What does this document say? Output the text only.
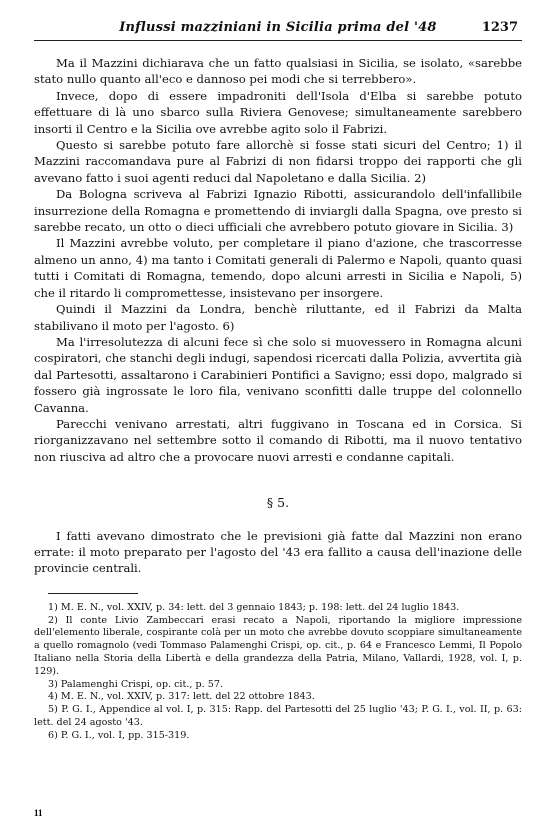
Influssi mazziniani in Sicilia prima del '48	1237

Ma il Mazzini dichiarava che un fatto qualsiasi in Sicilia, se isolato, «sarebbe stato nullo quanto all'eco e dannoso pei modi che si terrebbero».

Invece, dopo di essere impadroniti dell'Isola d'Elba si sarebbe potuto effettuare di là uno sbarco sulla Riviera Genovese; simultaneamente sarebbero insorti il Centro e la Sicilia ove avrebbe agito solo il Fabrizi.

Questo si sarebbe potuto fare allorchè si fosse stati sicuri del Centro; 1) il Mazzini raccomandava pure al Fabrizi di non fidarsi troppo dei rapporti che gli avevano fatto i suoi agenti reduci dal Napoletano e dalla Sicilia. 2)

Da Bologna scriveva al Fabrizi Ignazio Ribotti, assicurandolo dell'infallibile insurrezione della Romagna e promettendo di inviargli dalla Spagna, ove presto si sarebbe recato, un otto o dieci ufficiali che avrebbero potuto giovare in Sicilia. 3)

Il Mazzini avrebbe voluto, per completare il piano d'azione, che trascorresse almeno un anno, 4) ma tanto i Comitati generali di Palermo e Napoli, quanto quasi tutti i Comitati di Romagna, temendo, dopo alcuni arresti in Sicilia e Napoli, 5) che il ritardo li compromettesse, insistevano per insorgere.

Quindi il Mazzini da Londra, benchè riluttante, ed il Fabrizi da Malta stabilivano il moto per l'agosto. 6)

Ma l'irresolutezza di alcuni fece sì che solo si muovessero in Romagna alcuni cospiratori, che stanchi degli indugi, sapendosi ricercati dalla Polizia, avvertita già dal Partesotti, assaltarono i Carabinieri Pontifici a Savigno; essi dopo, malgrado si fossero già ingrossate le loro fila, venivano sconfitti dalle truppe del colonnello Cavanna.

Parecchi venivano arrestati, altri fuggivano in Toscana ed in Corsica. Si riorganizzavano nel settembre sotto il comando di Ribotti, ma il nuovo tentativo non riusciva ad altro che a provocare nuovi arresti e condanne capitali.

§ 5.

I fatti avevano dimostrato che le previsioni già fatte dal Mazzini non erano errate: il moto preparato per l'agosto del '43 era fallito a causa dell'inazione delle provincie centrali.

1) M. E. N., vol. XXIV, p. 34: lett. del 3 gennaio 1843; p. 198: lett. del 24 luglio 1843.

2) Il conte Livio Zambeccari erasi recato a Napoli, riportando la migliore impressione dell'elemento liberale, cospirante colà per un moto che avrebbe dovuto scoppiare simultaneamente a quello romagnolo (vedi Tommaso Palamenghi Crispi, op. cit., p. 64 e Francesco Lemmi, Il Popolo Italiano nella Storia della Libertà e della grandezza della Patria, Milano, Vallardi, 1928, vol. I, p. 129).

3) Palamenghi Crispi, op. cit., p. 57.

4) M. E. N., vol. XXIV, p. 317: lett. del 22 ottobre 1843.

5) P. G. I., Appendice al vol. I, p. 315: Rapp. del Partesotti del 25 luglio '43; P. G. I., vol. II, p. 63: lett. del 24 agosto '43.

6) P. G. I., vol. I, pp. 315-319.

11
